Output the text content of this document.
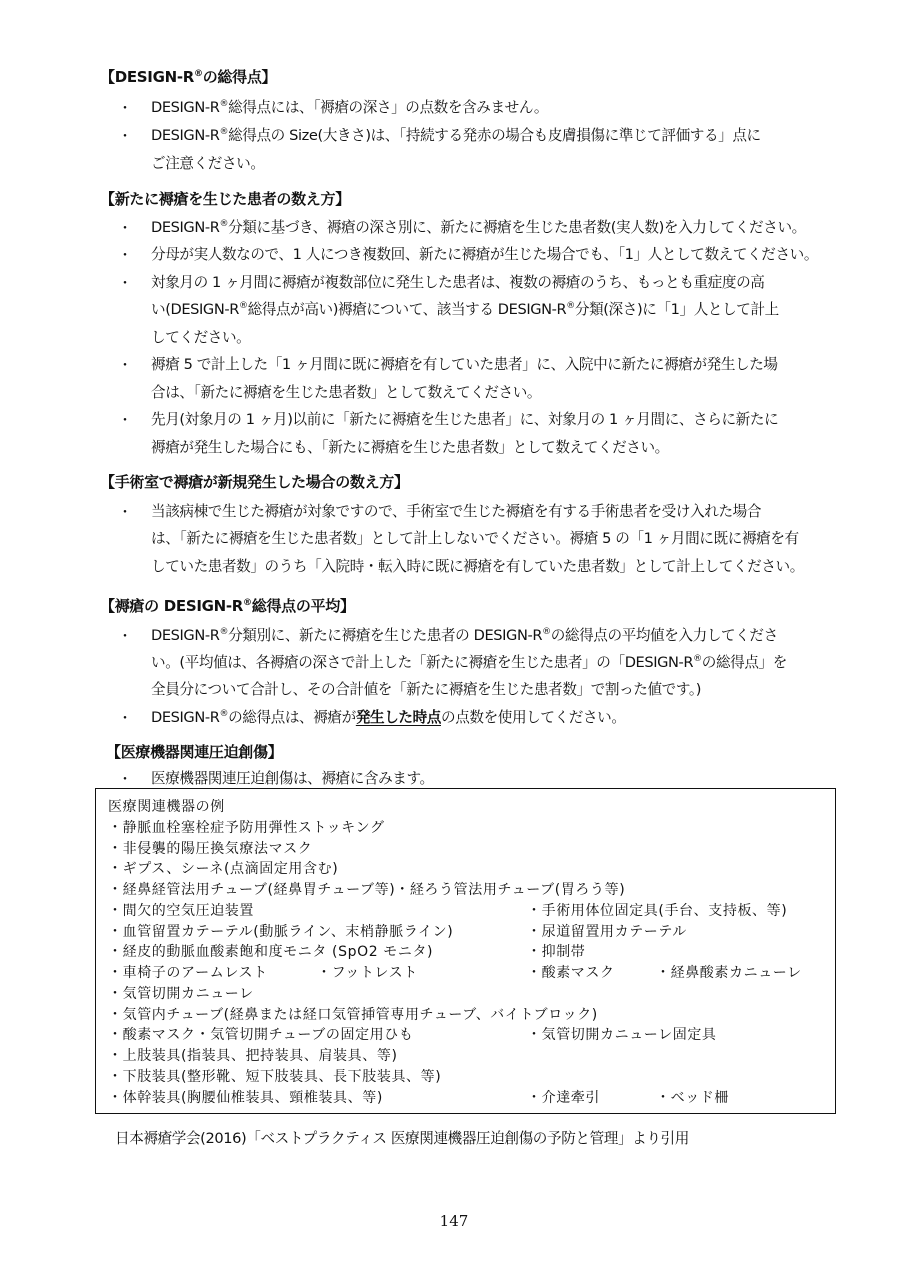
【DESIGN-R®の総得点】
・ DESIGN-R®総得点には、「褥瘡の深さ」の点数を含みません。
・ DESIGN-R®総得点の Size(大きさ)は、「持続する発赤の場合も皮膚損傷に準じて評価する」点に
ご注意ください。
【新たに褥瘡を生じた患者の数え方】
・ DESIGN-R®分類に基づき、褥瘡の深さ別に、新たに褥瘡を生じた患者数(実人数)を入力してください。
・ 分母が実人数なので、1 人につき複数回、新たに褥瘡が生じた場合でも、「1」人として数えてください。
・ 対象月の 1 ヶ月間に褥瘡が複数部位に発生した患者は、複数の褥瘡のうち、もっとも重症度の高
い(DESIGN-R®総得点が高い)褥瘡について、該当する DESIGN-R®分類(深さ)に「1」人として計上
してください。
・ 褥瘡 5 で計上した「1 ヶ月間に既に褥瘡を有していた患者」に、入院中に新たに褥瘡が発生した場
合は、「新たに褥瘡を生じた患者数」として数えてください。
・ 先月(対象月の 1 ヶ月)以前に「新たに褥瘡を生じた患者」に、対象月の 1 ヶ月間に、さらに新たに
褥瘡が発生した場合にも、「新たに褥瘡を生じた患者数」として数えてください。
【手術室で褥瘡が新規発生した場合の数え方】
・ 当該病棟で生じた褥瘡が対象ですので、手術室で生じた褥瘡を有する手術患者を受け入れた場合
は、「新たに褥瘡を生じた患者数」として計上しないでください。褥瘡 5 の「1 ヶ月間に既に褥瘡を有
していた患者数」のうち「入院時・転入時に既に褥瘡を有していた患者数」として計上してください。
【褥瘡の DESIGN-R®総得点の平均】
・ DESIGN-R®分類別に、新たに褥瘡を生じた患者の DESIGN-R®の総得点の平均値を入力してくださ
い。(平均値は、各褥瘡の深さで計上した「新たに褥瘡を生じた患者」の「DESIGN-R®の総得点」を
全員分について合計し、その合計値を「新たに褥瘡を生じた患者数」で割った値です。)
・ DESIGN-R®の総得点は、褥瘡が発生した時点の点数を使用してください。
【医療機器関連圧迫創傷】
・ 医療機器関連圧迫創傷は、褥瘡に含みます。
医療関連機器の例
・静脈血栓塞栓症予防用弾性ストッキング
・非侵襲的陽圧換気療法マスク
・ギプス、シーネ(点滴固定用含む)
・経鼻経管法用チューブ(経鼻胃チューブ等)・経ろう管法用チューブ(胃ろう等)
・間欠的空気圧迫装置	・手術用体位固定具(手台、支持板、等)
・血管留置カテーテル(動脈ライン、末梢静脈ライン)	・尿道留置用カテーテル
・経皮的動脈血酸素飽和度モニタ (SpO2 モニタ)	・抑制帯
・車椅子のアームレスト	・フットレスト	・酸素マスク	・経鼻酸素カニューレ
・気管切開カニューレ
・気管内チューブ(経鼻または経口気管挿管専用チューブ、バイトブロック)
・酸素マスク・気管切開チューブの固定用ひも	・気管切開カニューレ固定具
・上肢装具(指装具、把持装具、肩装具、等)
・下肢装具(整形靴、短下肢装具、長下肢装具、等)
・体幹装具(胸腰仙椎装具、頸椎装具、等)	・介達牽引	・ベッド柵
日本褥瘡学会(2016)「ベストプラクティス 医療関連機器圧迫創傷の予防と管理」より引用
147
